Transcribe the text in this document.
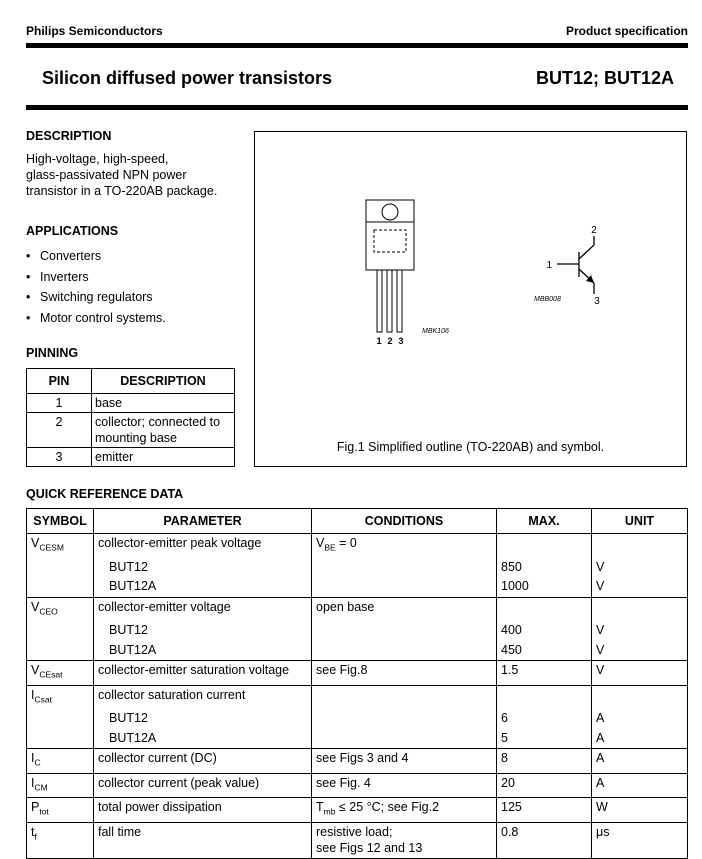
Philips Semiconductors	Product specification
Silicon diffused power transistors	BUT12; BUT12A
DESCRIPTION
High-voltage, high-speed,
glass-passivated NPN power
transistor in a TO-220AB package.
APPLICATIONS
• Converters
• Inverters
• Switching regulators
• Motor control systems.
PINNING
PIN	DESCRIPTION
1	base
2	collector; connected to mounting base
3	emitter
1 2 3
MBK106
1
2
3
MBB008
Fig.1 Simplified outline (TO-220AB) and symbol.
QUICK REFERENCE DATA
SYMBOL	PARAMETER	CONDITIONS	MAX.	UNIT
$V_{CESM}$	collector-emitter peak voltage	$V_{BE} = 0$		
	BUT12		850	V
	BUT12A		1000	V
$V_{CEO}$	collector-emitter voltage	open base		
	BUT12		400	V
	BUT12A		450	V
$V_{CEsat}$	collector-emitter saturation voltage	see Fig.8	1.5	V
$I_{Csat}$	collector saturation current			
	BUT12		6	A
	BUT12A		5	A
$I_C$	collector current (DC)	see Figs 3 and 4	8	A
$I_{CM}$	collector current (peak value)	see Fig. 4	20	A
$P_{tot}$	total power dissipation	$T_{mb} \le 25$ °C; see Fig.2	125	W
$t_f$	fall time	resistive load;
see Figs 12 and 13	0.8	μs
